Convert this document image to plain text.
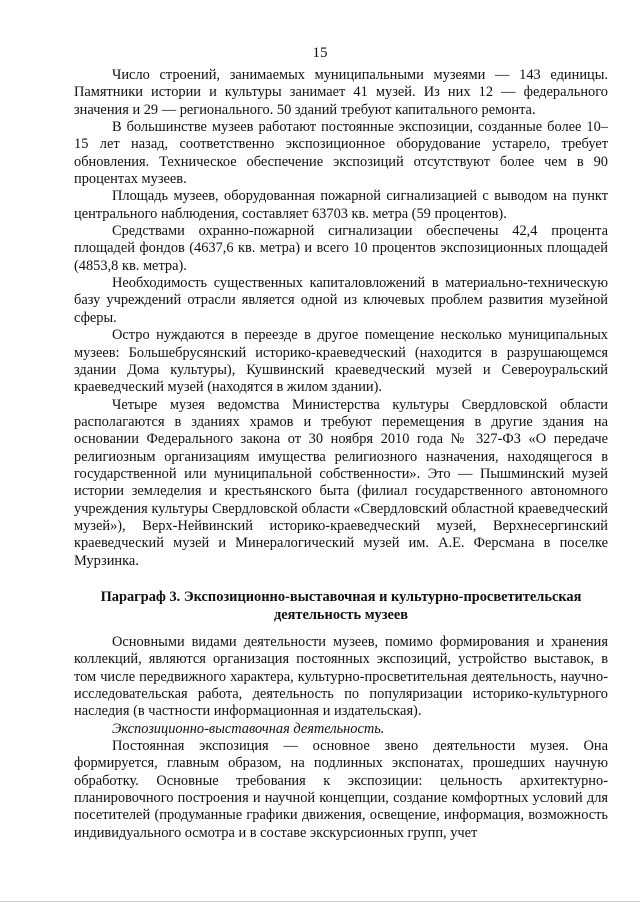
15

Число строений, занимаемых муниципальными музеями — 143 единицы. Памятники истории и культуры занимает 41 музей. Из них 12 — федерального значения и 29 — регионального. 50 зданий требуют капитального ремонта.

В большинстве музеев работают постоянные экспозиции, созданные более 10–15 лет назад, соответственно экспозиционное оборудование устарело, требует обновления. Техническое обеспечение экспозиций отсутствуют более чем в 90 процентах музеев.

Площадь музеев, оборудованная пожарной сигнализацией с выводом на пункт центрального наблюдения, составляет 63703 кв. метра (59 процентов).

Средствами охранно-пожарной сигнализации обеспечены 42,4 процента площадей фондов (4637,6 кв. метра) и всего 10 процентов экспозиционных площадей (4853,8 кв. метра).

Необходимость существенных капиталовложений в материально-техническую базу учреждений отрасли является одной из ключевых проблем развития музейной сферы.

Остро нуждаются в переезде в другое помещение несколько муниципальных музеев: Большебрусянский историко-краеведческий (находится в разрушающемся здании Дома культуры), Кушвинский краеведческий музей и Североуральский краеведческий музей (находятся в жилом здании).

Четыре музея ведомства Министерства культуры Свердловской области располагаются в зданиях храмов и требуют перемещения в другие здания на основании Федерального закона от 30 ноября 2010 года № 327-ФЗ «О передаче религиозным организациям имущества религиозного назначения, находящегося в государственной или муниципальной собственности». Это — Пышминский музей истории земледелия и крестьянского быта (филиал государственного автономного учреждения культуры Свердловской области «Свердловский областной краеведческий музей»), Верх-Нейвинский историко-краеведческий музей, Верхнесергинский краеведческий музей и Минералогический музей им. А.Е. Ферсмана в поселке Мурзинка.

Параграф 3. Экспозиционно-выставочная и культурно-просветительская
деятельность музеев

Основными видами деятельности музеев, помимо формирования и хранения коллекций, являются организация постоянных экспозиций, устройство выставок, в том числе передвижного характера, культурно-просветительная деятельность, научно-исследовательская работа, деятельность по популяризации историко-культурного наследия (в частности информационная и издательская).

Экспозиционно-выставочная деятельность.

Постоянная экспозиция — основное звено деятельности музея. Она формируется, главным образом, на подлинных экспонатах, прошедших научную обработку. Основные требования к экспозиции: цельность архитектурно-планировочного построения и научной концепции, создание комфортных условий для посетителей (продуманные графики движения, освещение, информация, возможность индивидуального осмотра и в составе экскурсионных групп, учет
